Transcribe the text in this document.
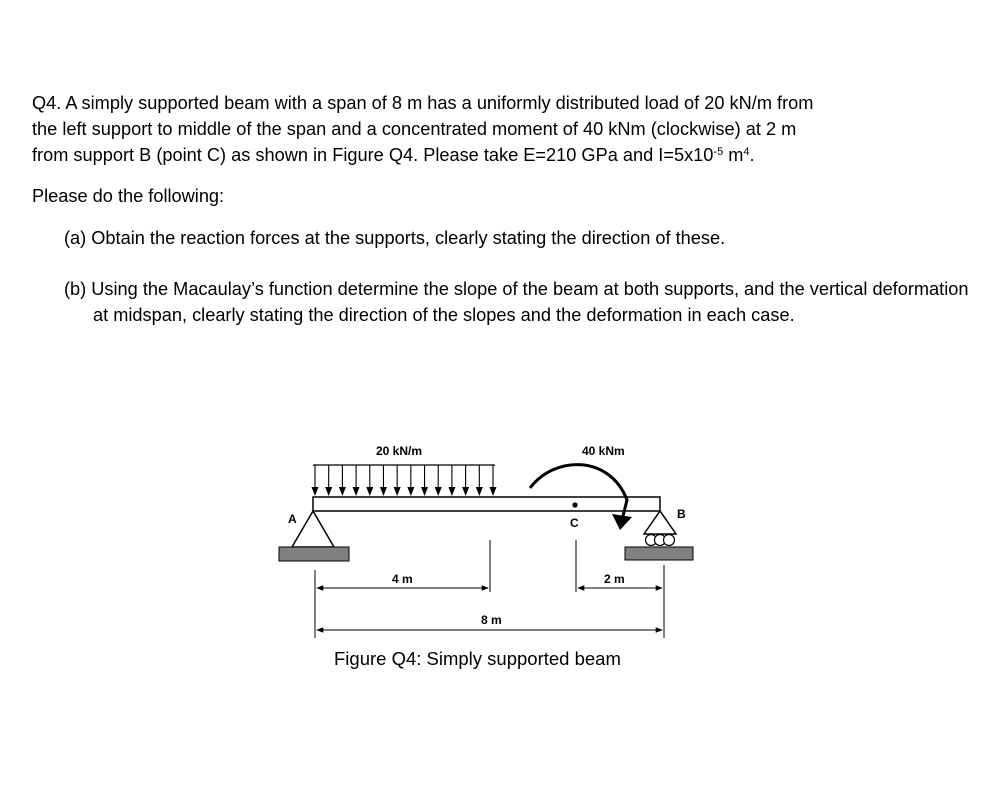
Q4. A simply supported beam with a span of 8 m has a uniformly distributed load of 20 kN/m from

the left support to middle of the span and a concentrated moment of 40 kNm (clockwise) at 2 m

from support B (point C) as shown in Figure Q4. Please take E=210 GPa and $I=5x10^{-5}$ $m^4$.

Please do the following:
(a) Obtain the reaction forces at the supports, clearly stating the direction of these.
(b) Using the Macaulay’s function determine the slope of the beam at both supports, and the vertical deformation at midspan, clearly stating the direction of the slopes and the deformation in each case.
20 kN/m	40 kNm
C
A	B
4 m	2 m
8 m
Figure Q4: Simply supported beam
